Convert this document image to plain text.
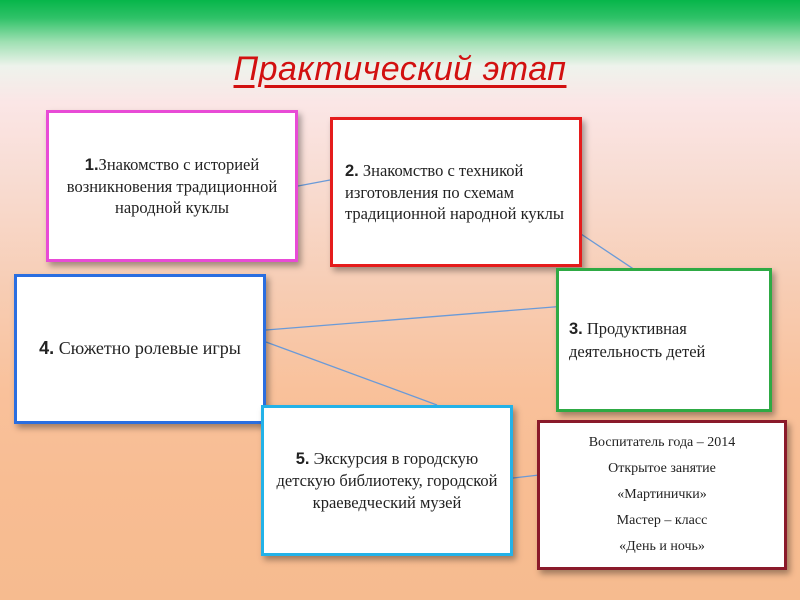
Практический этап
1.Знакомство с историей возникновения традиционной народной куклы
2. Знакомство с техникой изготовления по схемам традиционной народной куклы
3. Продуктивная деятельность детей
4. Сюжетно ролевые игры
5. Экскурсия в городскую детскую библиотеку, городской краеведческий музей
Воспитатель года – 2014
Открытое занятие
«Мартинички»
Мастер – класс
«День и ночь»
